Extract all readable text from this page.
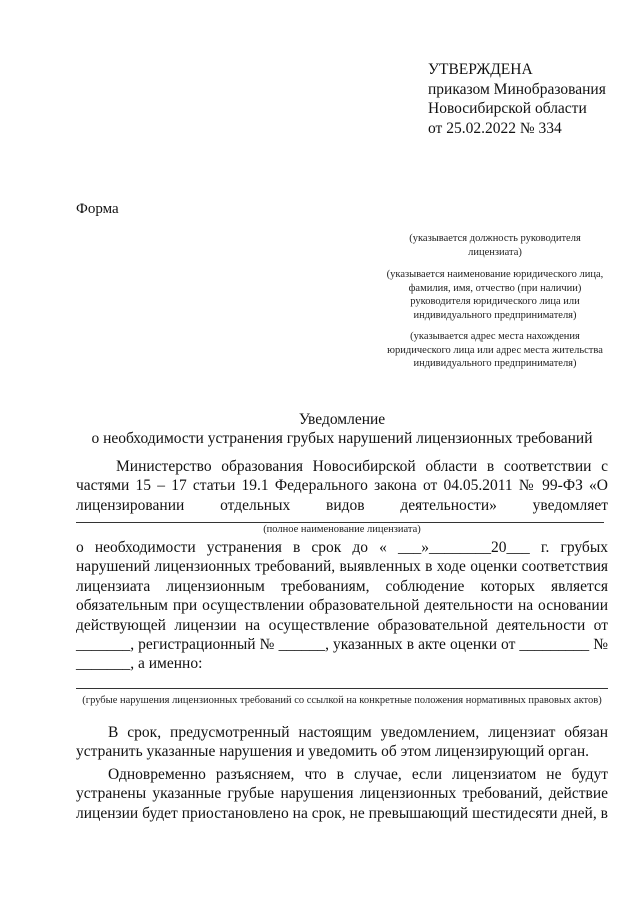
УТВЕРЖДЕНА
приказом Минобразования
Новосибирской области
от 25.02.2022 № 334
Форма
(указывается должность руководителя лицензиата)
(указывается наименование юридического лица, фамилия, имя, отчество (при наличии) руководителя юридического лица или индивидуального предпринимателя)
(указывается адрес места нахождения юридического лица или адрес места жительства индивидуального предпринимателя)
Уведомление
о необходимости устранения грубых нарушений лицензионных требований
Министерство образования Новосибирской области в соответствии с частями 15 – 17 статьи 19.1 Федерального закона от 04.05.2011 № 99-ФЗ «О лицензировании отдельных видов деятельности» уведомляет
(полное наименование лицензиата)
о необходимости устранения в срок до « ___»________20___ г. грубых нарушений лицензионных требований, выявленных в ходе оценки соответствия лицензиата лицензионным требованиям, соблюдение которых является обязательным при осуществлении образовательной деятельности на основании действующей лицензии на осуществление образовательной деятельности от _______, регистрационный № ______, указанных в акте оценки от _________ № _______, а именно:
(грубые нарушения лицензионных требований со ссылкой на конкретные положения нормативных правовых актов)
В срок, предусмотренный настоящим уведомлением, лицензиат обязан устранить указанные нарушения и уведомить об этом лицензирующий орган.
Одновременно разъясняем, что в случае, если лицензиатом не будут устранены указанные грубые нарушения лицензионных требований, действие лицензии будет приостановлено на срок, не превышающий шестидесяти дней, в
